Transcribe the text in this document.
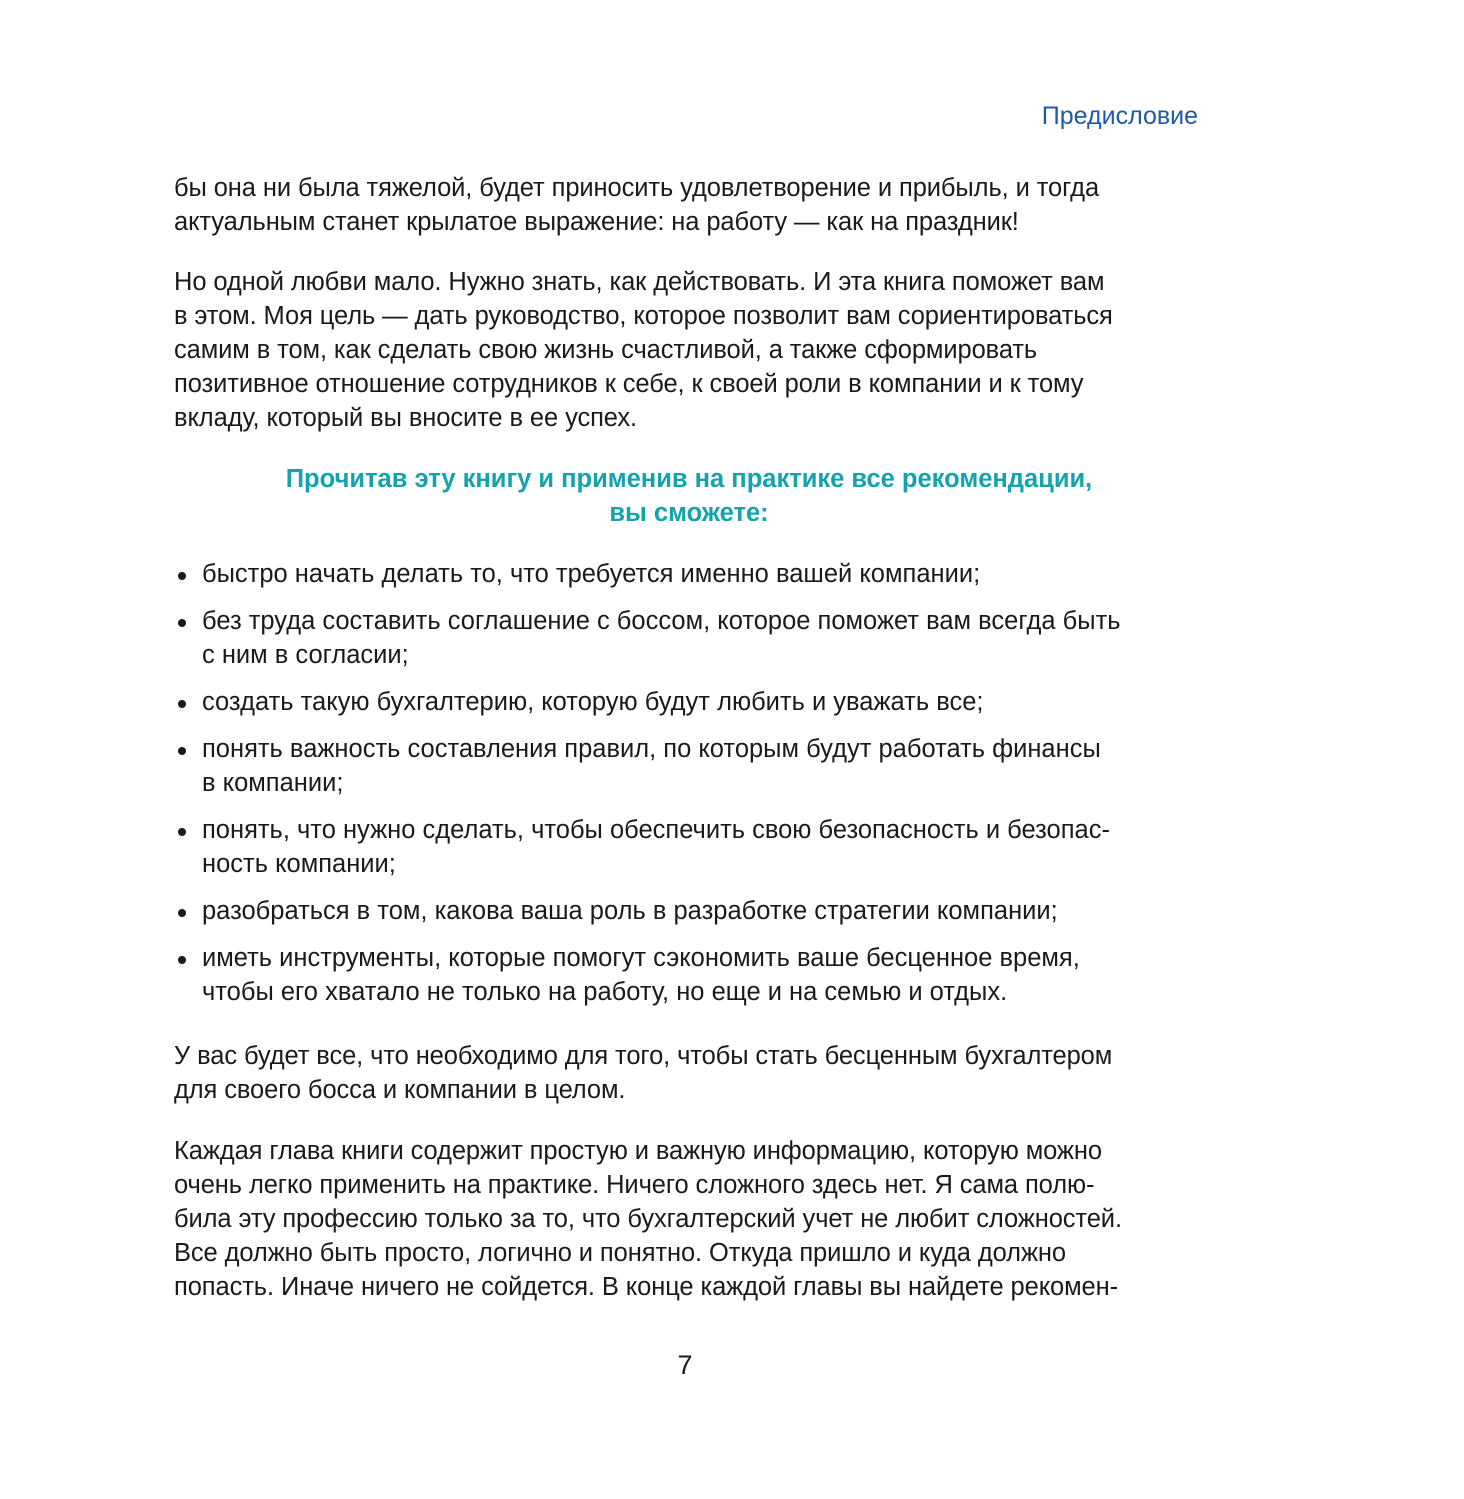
Предисловие
бы она ни была тяжелой, будет приносить удовлетворение и прибыль, и тогда
актуальным станет крылатое выражение: на работу — как на праздник!
Но одной любви мало. Нужно знать, как действовать. И эта книга поможет вам
в этом. Моя цель — дать руководство, которое позволит вам сориентироваться
самим в том, как сделать свою жизнь счастливой, а также сформировать
позитивное отношение сотрудников к себе, к своей роли в компании и к тому
вкладу, который вы вносите в ее успех.
Прочитав эту книгу и применив на практике все рекомендации,
вы сможете:
быстро начать делать то, что требуется именно вашей компании;
без труда составить соглашение с боссом, которое поможет вам всегда быть
с ним в согласии;
создать такую бухгалтерию, которую будут любить и уважать все;
понять важность составления правил, по которым будут работать финансы
в компании;
понять, что нужно сделать, чтобы обеспечить свою безопасность и безопас-
ность компании;
разобраться в том, какова ваша роль в разработке стратегии компании;
иметь инструменты, которые помогут сэкономить ваше бесценное время,
чтобы его хватало не только на работу, но еще и на семью и отдых.
У вас будет все, что необходимо для того, чтобы стать бесценным бухгалтером
для своего босса и компании в целом.
Каждая глава книги содержит простую и важную информацию, которую можно
очень легко применить на практике. Ничего сложного здесь нет. Я сама полю-
била эту профессию только за то, что бухгалтерский учет не любит сложностей.
Все должно быть просто, логично и понятно. Откуда пришло и куда должно
попасть. Иначе ничего не сойдется. В конце каждой главы вы найдете рекомен-
7
